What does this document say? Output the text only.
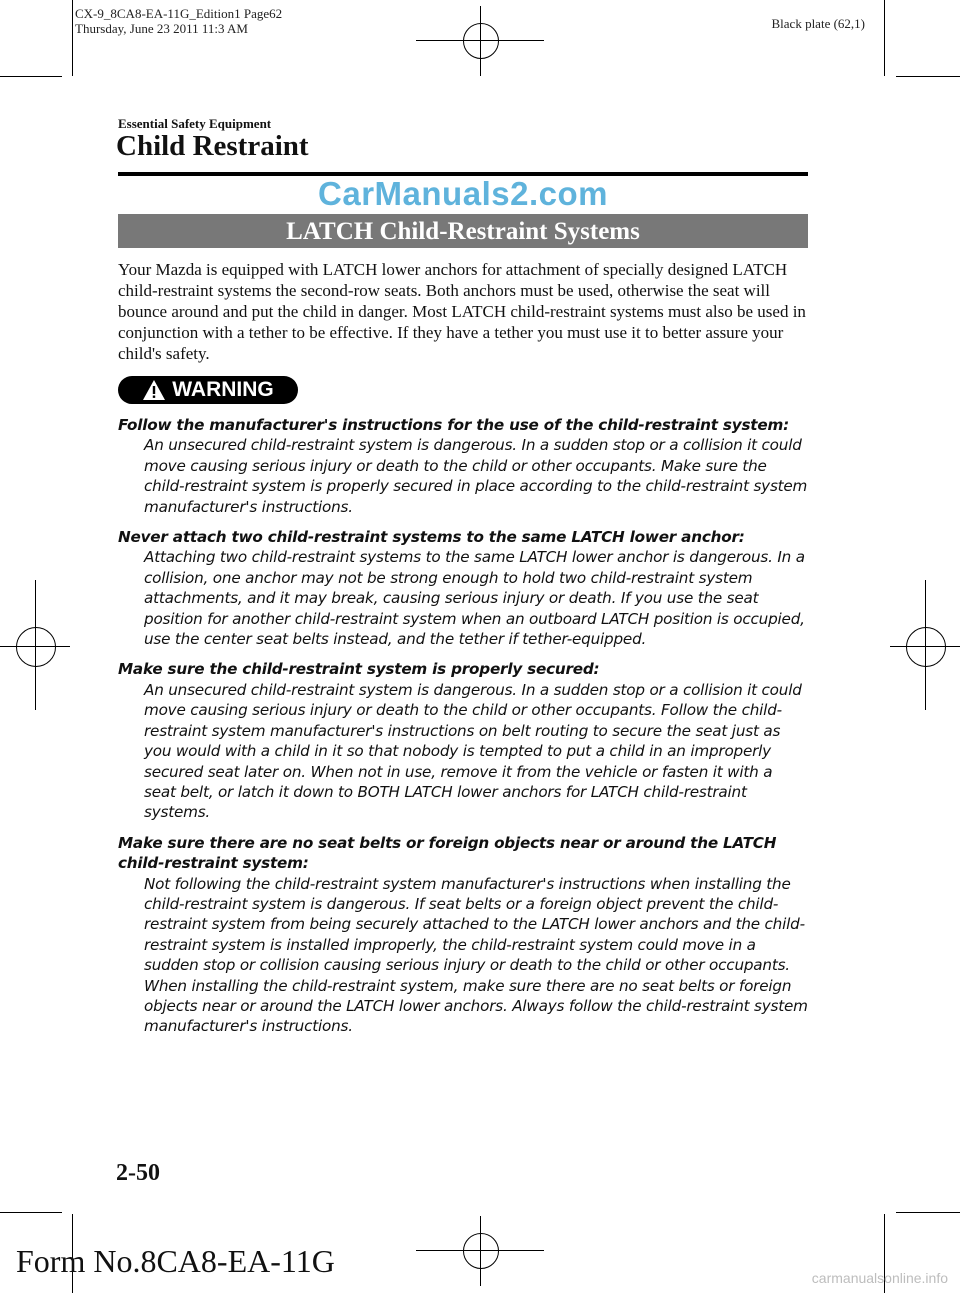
CX-9_8CA8-EA-11G_Edition1 Page62
Thursday, June 23 2011 11:3 AM	Black plate (62,1)
Essential Safety Equipment
Child Restraint
CarManuals2.com
LATCH Child-Restraint Systems

Your Mazda is equipped with LATCH lower anchors for attachment of specially designed LATCH child-restraint systems the second-row seats. Both anchors must be used, otherwise the seat will bounce around and put the child in danger. Most LATCH child-restraint systems must also be used in conjunction with a tether to be effective. If they have a tether you must use it to better assure your child's safety.

WARNING
Follow the manufacturer's instructions for the use of the child-restraint system:
An unsecured child-restraint system is dangerous. In a sudden stop or a collision it could move causing serious injury or death to the child or other occupants. Make sure the child-restraint system is properly secured in place according to the child-restraint system manufacturer's instructions.
Never attach two child-restraint systems to the same LATCH lower anchor:
Attaching two child-restraint systems to the same LATCH lower anchor is dangerous. In a collision, one anchor may not be strong enough to hold two child-restraint system attachments, and it may break, causing serious injury or death. If you use the seat position for another child-restraint system when an outboard LATCH position is occupied, use the center seat belts instead, and the tether if tether-equipped.
Make sure the child-restraint system is properly secured:
An unsecured child-restraint system is dangerous. In a sudden stop or a collision it could move causing serious injury or death to the child or other occupants. Follow the child-restraint system manufacturer's instructions on belt routing to secure the seat just as you would with a child in it so that nobody is tempted to put a child in an improperly secured seat later on. When not in use, remove it from the vehicle or fasten it with a seat belt, or latch it down to BOTH LATCH lower anchors for LATCH child-restraint systems.
Make sure there are no seat belts or foreign objects near or around the LATCH child-restraint system:
Not following the child-restraint system manufacturer's instructions when installing the child-restraint system is dangerous. If seat belts or a foreign object prevent the child-restraint system from being securely attached to the LATCH lower anchors and the child-restraint system is installed improperly, the child-restraint system could move in a sudden stop or collision causing serious injury or death to the child or other occupants. When installing the child-restraint system, make sure there are no seat belts or foreign objects near or around the LATCH lower anchors. Always follow the child-restraint system manufacturer's instructions.
2-50
Form No.8CA8-EA-11G	carmanualsonline.info
